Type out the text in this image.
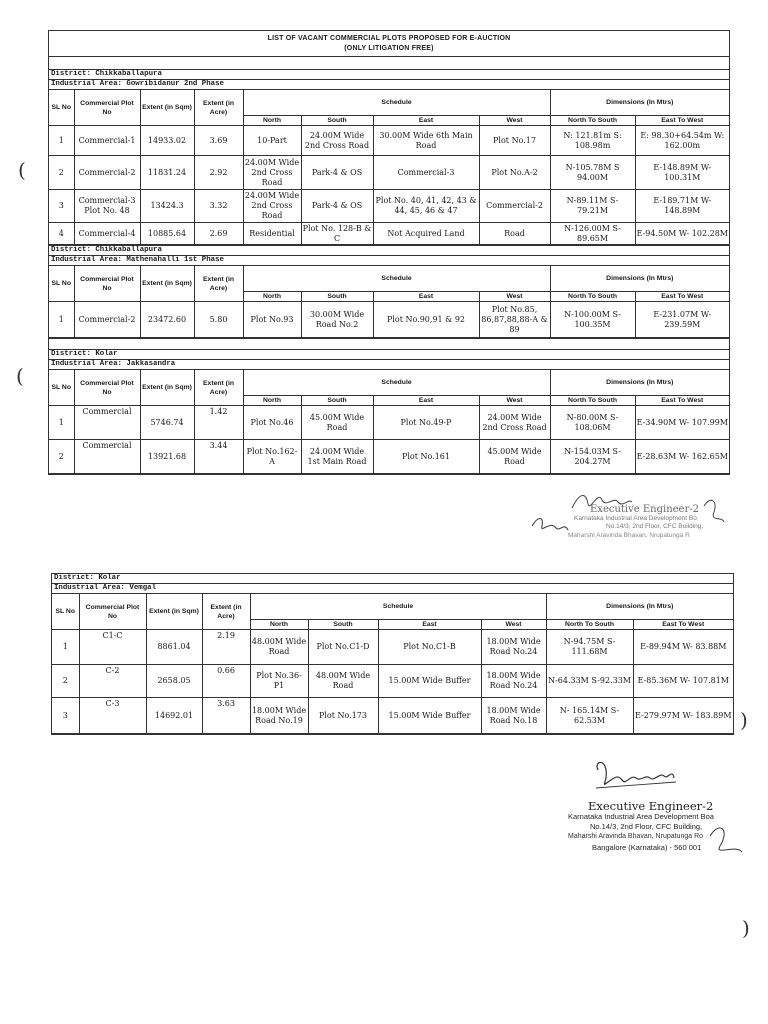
LIST OF VACANT COMMERCIAL PLOTS PROPOSED FOR E-AUCTION
(ONLY LITIGATION FREE)
District: Chikkaballapura
Industrial Area: Gowribidanur 2nd Phase
SL No	Commercial Plot No	Extent (in Sqm)	Extent (in Acre)	Schedule				Dimensions (In Mtrs)	
				North	South	East	West	North To South	East To West
1	Commercial-1	14933.02	3.69	10-Part	24.00M Wide 2nd Cross Road	30.00M Wide 6th Main Road	Plot No.17	N: 121.81m S: 108.98m	E: 98.30+64.54m W: 162.00m
2	Commercial-2	11831.24	2.92	24.00M Wide 2nd Cross Road	Park-4 & OS	Commercial-3	Plot No.A-2	N-105.78M S 94.00M	E-148.89M W- 100.31M
3	Commercial-3 Plot No. 48	13424.3	3.32	24.00M Wide 2nd Cross Road	Park-4 & OS	Plot No. 40, 41, 42, 43 & 44, 45, 46 & 47	Commercial-2	N-89.11M S- 79.21M	E-189.71M W- 148.89M
4	Commercial-4	10885.64	2.69	Residential	Plot No. 128-B & C	Not Acquired Land	Road	N-126.00M S- 89.65M	E-94.50M W- 102.28M
District: Chikkaballapura
Industrial Area: Mathenahalli 1st Phase
SL No	Commercial Plot No	Extent (in Sqm)	Extent (in Acre)	Schedule				Dimensions (In Mtrs)	
				North	South	East	West	North To South	East To West
1	Commercial-2	23472.60	5.80	Plot No.93	30.00M Wide Road No.2	Plot No.90,91 & 92	Plot No.85, 86,87,88,88-A & 89	N-100.00M S-100.35M	E-231.07M W-239.59M
District: Kolar
Industrial Area: Jakkasandra
SL No	Commercial Plot No	Extent (in Sqm)	Extent (in Acre)	Schedule				Dimensions (In Mtrs)	
				North	South	East	West	North To South	East To West
1	Commercial	5746.74	1.42	Plot No.46	45.00M Wide Road	Plot No.49-P	24.00M Wide 2nd Cross Road	N-80.00M S- 108.06M	E-34.90M W- 107.99M
2	Commercial	13921.68	3.44	Plot No.162- A	24.00M Wide 1st Main Road	Plot No.161	45.00M Wide Road	N-154.03M S- 204.27M	E-28.63M W- 162.65M
Executive Engineer-2
Karnataka Industrial Area Development Bo
No.14/3, 2nd Floor, CFC Building,
Maharshi Aravinda Bhavan, Nrupatunga R
District: Kolar
Industrial Area: Vemgal
SL No	Commercial Plot No	Extent (in Sqm)	Extent (in Acre)	Schedule				Dimensions (In Mtrs)	
				North	South	East	West	North To South	East To West
1	C1-C	8861.04	2.19	48.00M Wide Road	Plot No.C1-D	Plot No.C1-B	18.00M Wide Road No.24	N-94.75M S-111.68M	E-89.94M W- 83.88M
2	C-2	2658.05	0.66	Plot No.36- P1	48.00M Wide Road	15.00M Wide Buffer	18.00M Wide Road No.24	N-64.33M S-92.33M	E-85.36M W- 107.81M
3	C-3	14692.01	3.63	18.00M Wide Road No.19	Plot No.173	15.00M Wide Buffer	18.00M Wide Road No.18	N- 165.14M S-62.53M	E-279.97M W- 183.89M
Executive Engineer-2
Karnataka Industrial Area Development Boa
No.14/3, 2nd Floor, CFC Building,
Maharshi Aravinda Bhavan, Nrupatunga Ro
Bangalore (Karnataka) - 560 001
(
(
)
)
